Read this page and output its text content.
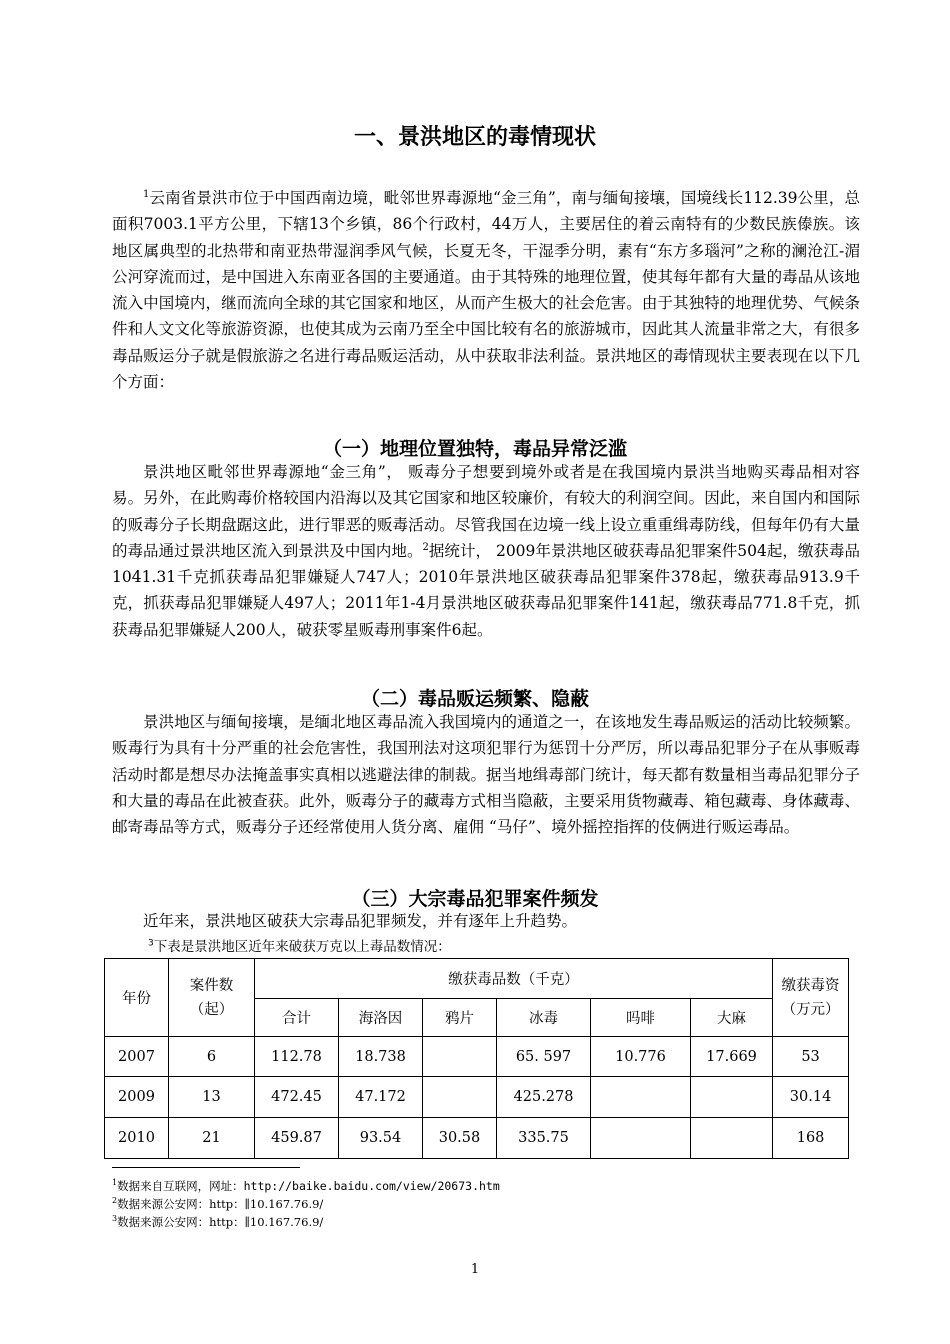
一、景洪地区的毒情现状
$^1$云南省景洪市位于中国西南边境，毗邻世界毒源地“金三角”，南与缅甸接壤，国境线长112.39公里，总面积7003.1平方公里，下辖13个乡镇，86个行政村，44万人，主要居住的着云南特有的少数民族傣族。该地区属典型的北热带和南亚热带湿润季风气候，长夏无冬，干湿季分明，素有“东方多瑙河”之称的澜沧江-湄公河穿流而过，是中国进入东南亚各国的主要通道。由于其特殊的地理位置，使其每年都有大量的毒品从该地流入中国境内，继而流向全球的其它国家和地区，从而产生极大的社会危害。由于其独特的地理优势、气候条件和人文文化等旅游资源，也使其成为云南乃至全中国比较有名的旅游城市，因此其人流量非常之大，有很多毒品贩运分子就是假旅游之名进行毒品贩运活动，从中获取非法利益。景洪地区的毒情现状主要表现在以下几个方面：
（一）地理位置独特，毒品异常泛滥
景洪地区毗邻世界毒源地“金三角”， 贩毒分子想要到境外或者是在我国境内景洪当地购买毒品相对容易。另外，在此购毒价格较国内沿海以及其它国家和地区较廉价，有较大的利润空间。因此，来自国内和国际的贩毒分子长期盘踞这此，进行罪恶的贩毒活动。尽管我国在边境一线上设立重重缉毒防线，但每年仍有大量的毒品通过景洪地区流入到景洪及中国内地。$^2$据统计， 2009年景洪地区破获毒品犯罪案件504起，缴获毒品1041.31千克抓获毒品犯罪嫌疑人747人；2010年景洪地区破获毒品犯罪案件378起，缴获毒品913.9千克，抓获毒品犯罪嫌疑人497人；2011年1-4月景洪地区破获毒品犯罪案件141起，缴获毒品771.8千克，抓获毒品犯罪嫌疑人200人，破获零星贩毒刑事案件6起。
（二）毒品贩运频繁、隐蔽
景洪地区与缅甸接壤，是缅北地区毒品流入我国境内的通道之一，在该地发生毒品贩运的活动比较频繁。贩毒行为具有十分严重的社会危害性，我国刑法对这项犯罪行为惩罚十分严厉，所以毒品犯罪分子在从事贩毒活动时都是想尽办法掩盖事实真相以逃避法律的制裁。据当地缉毒部门统计，每天都有数量相当毒品犯罪分子和大量的毒品在此被查获。此外，贩毒分子的藏毒方式相当隐蔽，主要采用货物藏毒、箱包藏毒、身体藏毒、邮寄毒品等方式，贩毒分子还经常使用人货分离、雇佣 “马仔”、境外摇控指挥的伎俩进行贩运毒品。
（三）大宗毒品犯罪案件频发
近年来，景洪地区破获大宗毒品犯罪频发，并有逐年上升趋势。
$^3$下表是景洪地区近年来破获万克以上毒品数情况：
年份	案件数（起）	缴获毒品数（千克）						缴获毒资（万元）
		合计	海洛因	鸦片	冰毒	吗啡	大麻	
2007	6	112.78	18.738		65. 597	10.776	17.669	53
2009	13	472.45	47.172		425.278			30.14
2010	21	459.87	93.54	30.58	335.75			168
$^1$数据来自互联网，网址：http://baike.baidu.com/view/20673.htm
$^2$数据来源公安网：http：∥10.167.76.9∕
$^3$数据来源公安网：http：∥10.167.76.9∕
1
